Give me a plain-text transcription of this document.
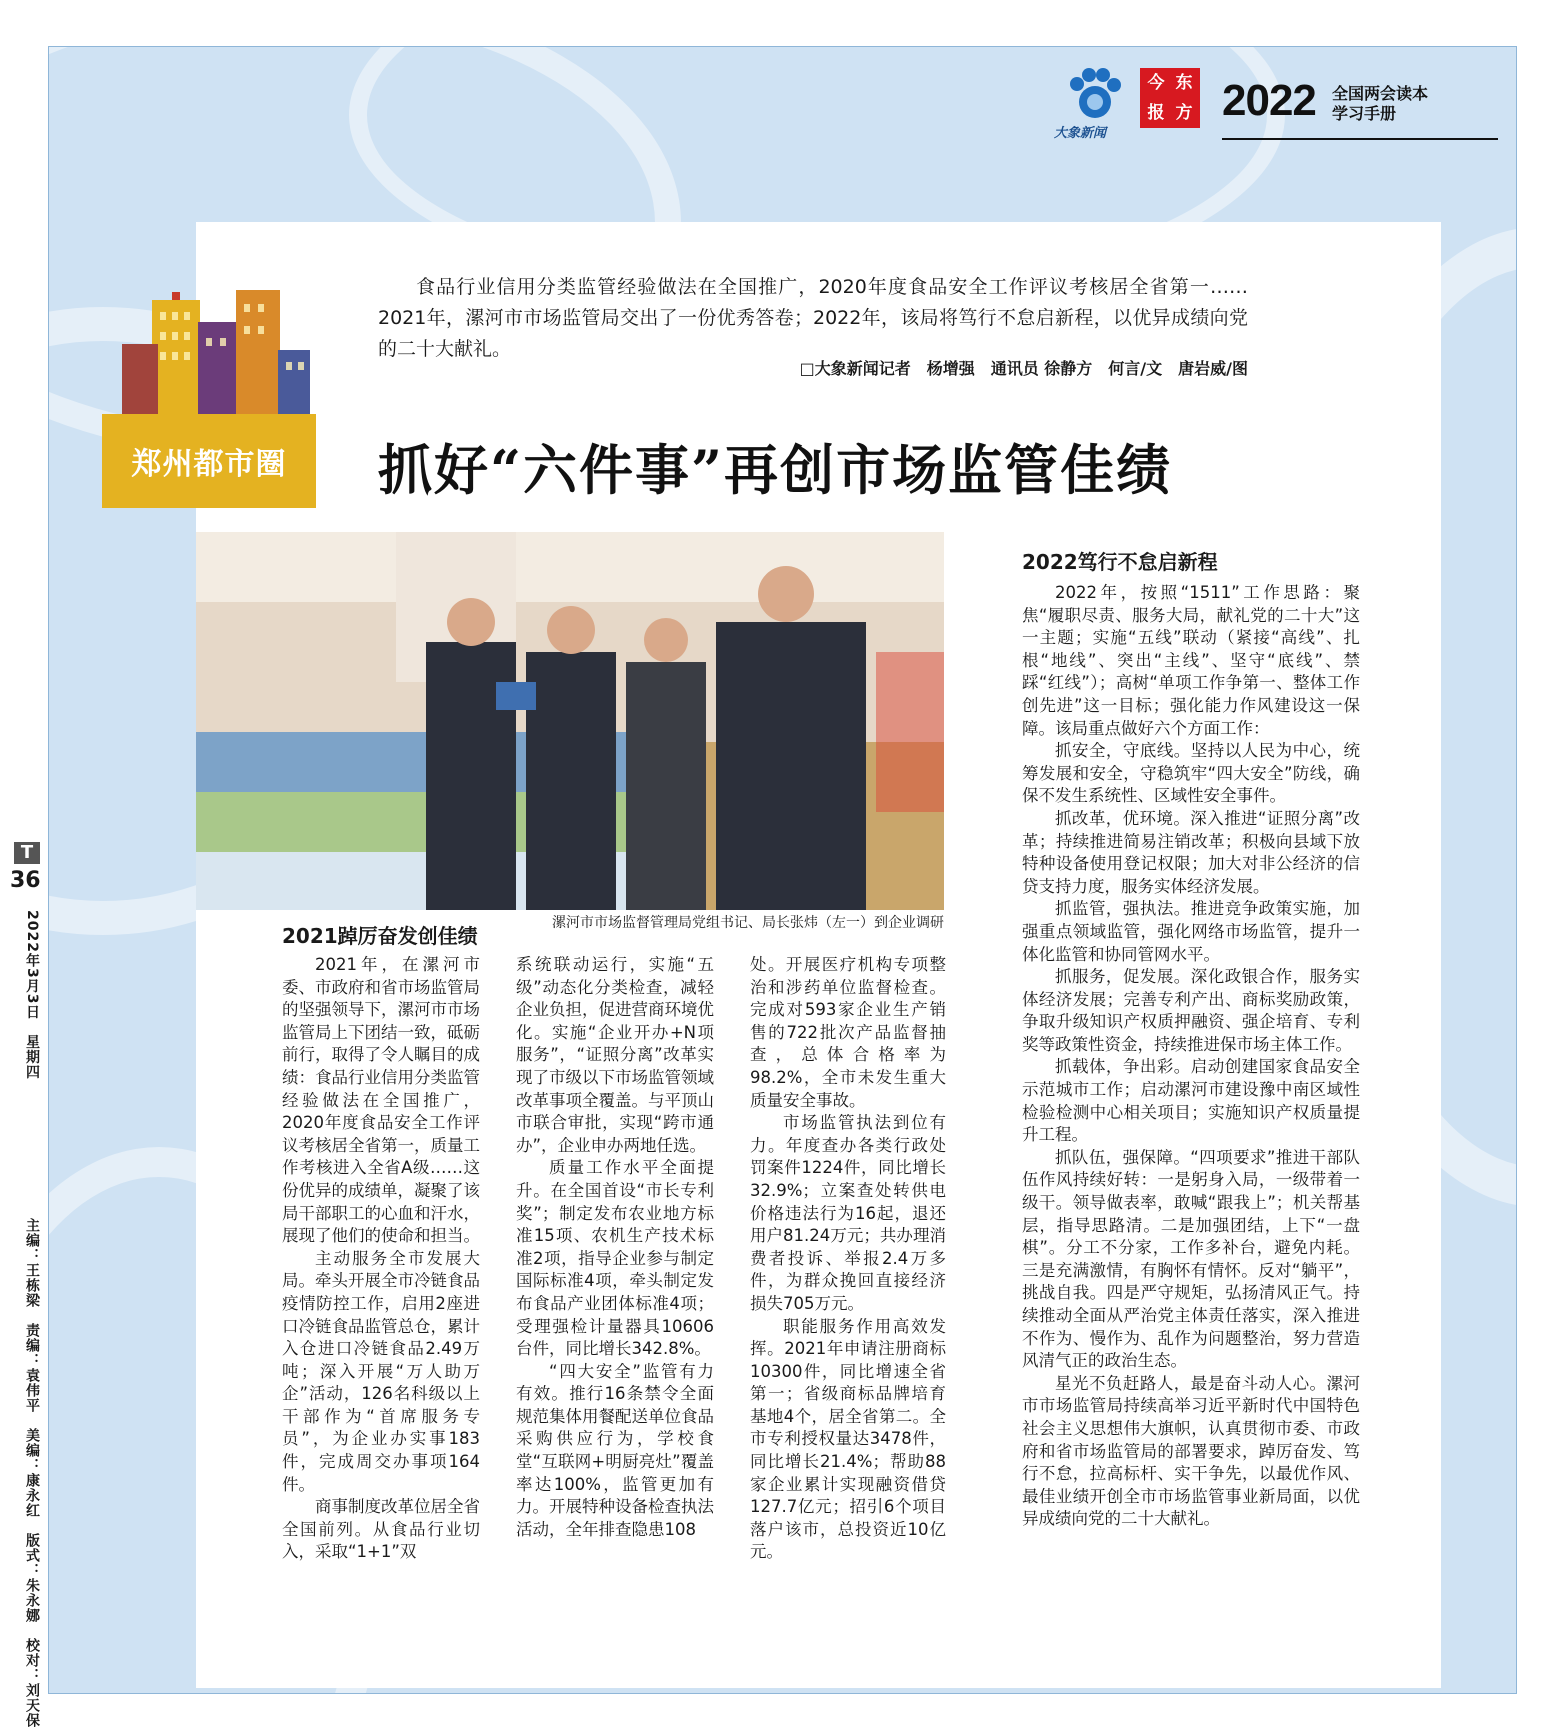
T
36
2022年3月3日　星期四
主编：王栋梁　责编：袁伟平　美编：康永红　版式：朱永娜　校对：刘天保
大象新闻
今 东
报 方 2022 全国两会读本
学习手册
郑州都市圈
食品行业信用分类监管经验做法在全国推广，2020年度食品安全工作评议考核居全省第一……2021年，漯河市市场监管局交出了一份优秀答卷；2022年，该局将笃行不怠启新程，以优异成绩向党的二十大献礼。
□大象新闻记者　杨增强　通讯员 徐静方　何言/文　唐岩威/图
抓好“六件事”再创市场监管佳绩
漯河市市场监督管理局党组书记、局长张炜（左一）到企业调研
2021踔厉奋发创佳绩

2021年，在漯河市委、市政府和省市场监管局的坚强领导下，漯河市市场监管局上下团结一致，砥砺前行，取得了令人瞩目的成绩：食品行业信用分类监管经验做法在全国推广，2020年度食品安全工作评议考核居全省第一，质量工作考核进入全省A级……这份优异的成绩单，凝聚了该局干部职工的心血和汗水，展现了他们的使命和担当。

主动服务全市发展大局。牵头开展全市冷链食品疫情防控工作，启用2座进口冷链食品监管总仓，累计入仓进口冷链食品2.49万吨；深入开展“万人助万企”活动，126名科级以上干部作为“首席服务专员”，为企业办实事183件，完成周交办事项164件。

商事制度改革位居全省全国前列。从食品行业切入，采取“1+1”双

系统联动运行，实施“五级”动态化分类检查，减轻企业负担，促进营商环境优化。实施“企业开办+N项服务”，“证照分离”改革实现了市级以下市场监管领域改革事项全覆盖。与平顶山市联合审批，实现“跨市通办”，企业申办两地任选。

质量工作水平全面提升。在全国首设“市长专利奖”；制定发布农业地方标准15项、农机生产技术标准2项，指导企业参与制定国际标准4项，牵头制定发布食品产业团体标准4项；受理强检计量器具10606台件，同比增长342.8%。

“四大安全”监管有力有效。推行16条禁令全面规范集体用餐配送单位食品采购供应行为，学校食堂“互联网+明厨亮灶”覆盖率达100%，监管更加有力。开展特种设备检查执法活动，全年排查隐患108

处。开展医疗机构专项整治和涉药单位监督检查。完成对593家企业生产销售的722批次产品监督抽查，总体合格率为98.2%，全市未发生重大质量安全事故。

市场监管执法到位有力。年度查办各类行政处罚案件1224件，同比增长32.9%；立案查处转供电价格违法行为16起，退还用户81.24万元；共办理消费者投诉、举报2.4万多件，为群众挽回直接经济损失705万元。

职能服务作用高效发挥。2021年申请注册商标10300件，同比增速全省第一；省级商标品牌培育基地4个，居全省第二。全市专利授权量达3478件，同比增长21.4%；帮助88家企业累计实现融资借贷127.7亿元；招引6个项目落户该市，总投资近10亿元。

2022笃行不怠启新程

2022年，按照“1511”工作思路：聚焦“履职尽责、服务大局，献礼党的二十大”这一主题；实施“五线”联动（紧接“高线”、扎根“地线”、突出“主线”、坚守“底线”、禁踩“红线”）；高树“单项工作争第一、整体工作创先进”这一目标；强化能力作风建设这一保障。该局重点做好六个方面工作：

抓安全，守底线。坚持以人民为中心，统筹发展和安全，守稳筑牢“四大安全”防线，确保不发生系统性、区域性安全事件。

抓改革，优环境。深入推进“证照分离”改革；持续推进简易注销改革；积极向县域下放特种设备使用登记权限；加大对非公经济的信贷支持力度，服务实体经济发展。

抓监管，强执法。推进竞争政策实施，加强重点领域监管，强化网络市场监管，提升一体化监管和协同管网水平。

抓服务，促发展。深化政银合作，服务实体经济发展；完善专利产出、商标奖励政策，争取升级知识产权质押融资、强企培育、专利奖等政策性资金，持续推进保市场主体工作。

抓载体，争出彩。启动创建国家食品安全示范城市工作；启动漯河市建设豫中南区域性检验检测中心相关项目；实施知识产权质量提升工程。

抓队伍，强保障。“四项要求”推进干部队伍作风持续好转：一是躬身入局，一级带着一级干。领导做表率，敢喊“跟我上”；机关帮基层，指导思路清。二是加强团结，上下“一盘棋”。分工不分家，工作多补台，避免内耗。三是充满激情，有胸怀有情怀。反对“躺平”，挑战自我。四是严守规矩，弘扬清风正气。持续推动全面从严治党主体责任落实，深入推进不作为、慢作为、乱作为问题整治，努力营造风清气正的政治生态。

星光不负赶路人，最是奋斗动人心。漯河市市场监管局持续高举习近平新时代中国特色社会主义思想伟大旗帜，认真贯彻市委、市政府和省市场监管局的部署要求，踔厉奋发、笃行不怠，拉高标杆、实干争先，以最优作风、最佳业绩开创全市市场监管事业新局面，以优异成绩向党的二十大献礼。
